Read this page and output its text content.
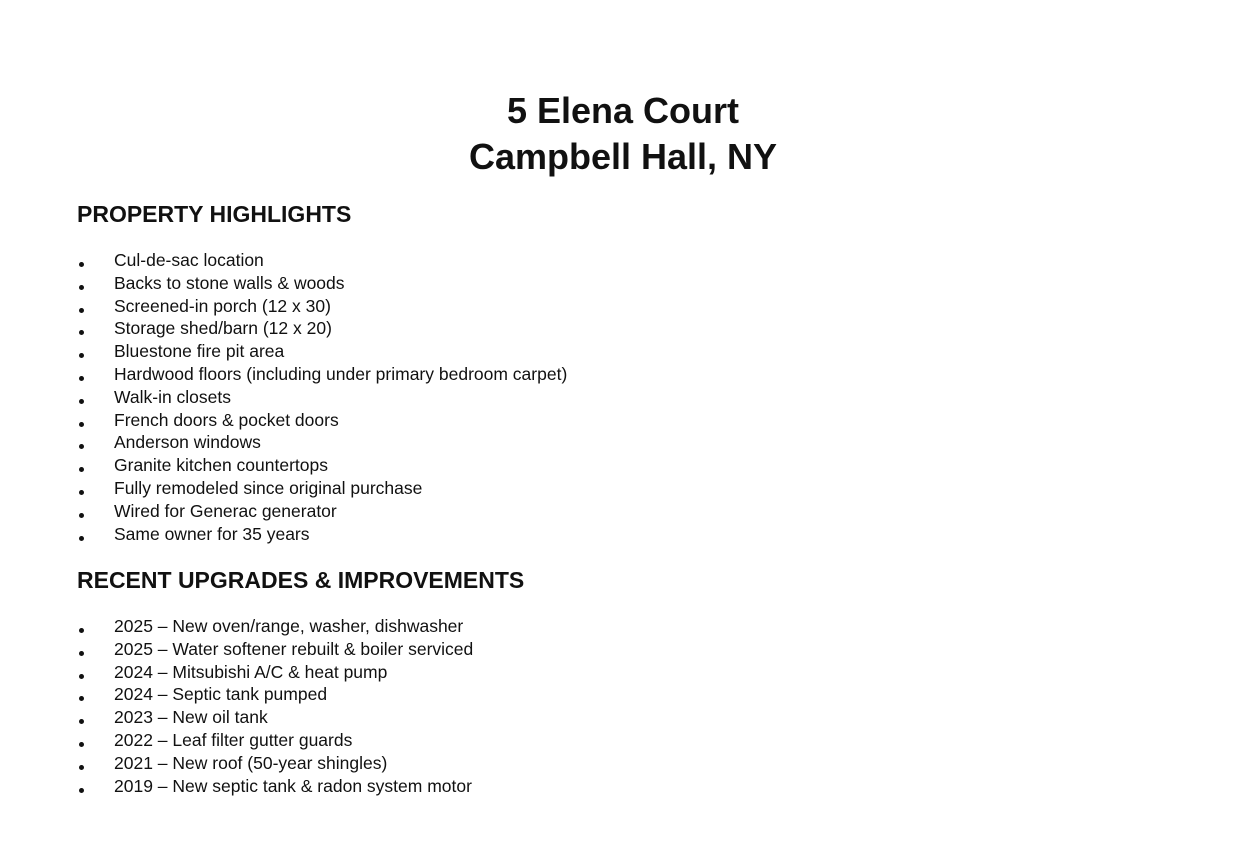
5 Elena Court
Campbell Hall, NY
PROPERTY HIGHLIGHTS
Cul-de-sac location
Backs to stone walls & woods
Screened-in porch (12 x 30)
Storage shed/barn (12 x 20)
Bluestone fire pit area
Hardwood floors (including under primary bedroom carpet)
Walk-in closets
French doors & pocket doors
Anderson windows
Granite kitchen countertops
Fully remodeled since original purchase
Wired for Generac generator
Same owner for 35 years
RECENT UPGRADES & IMPROVEMENTS
2025 – New oven/range, washer, dishwasher
2025 – Water softener rebuilt & boiler serviced
2024 – Mitsubishi A/C & heat pump
2024 – Septic tank pumped
2023 – New oil tank
2022 – Leaf filter gutter guards
2021 – New roof (50-year shingles)
2019 – New septic tank & radon system motor
